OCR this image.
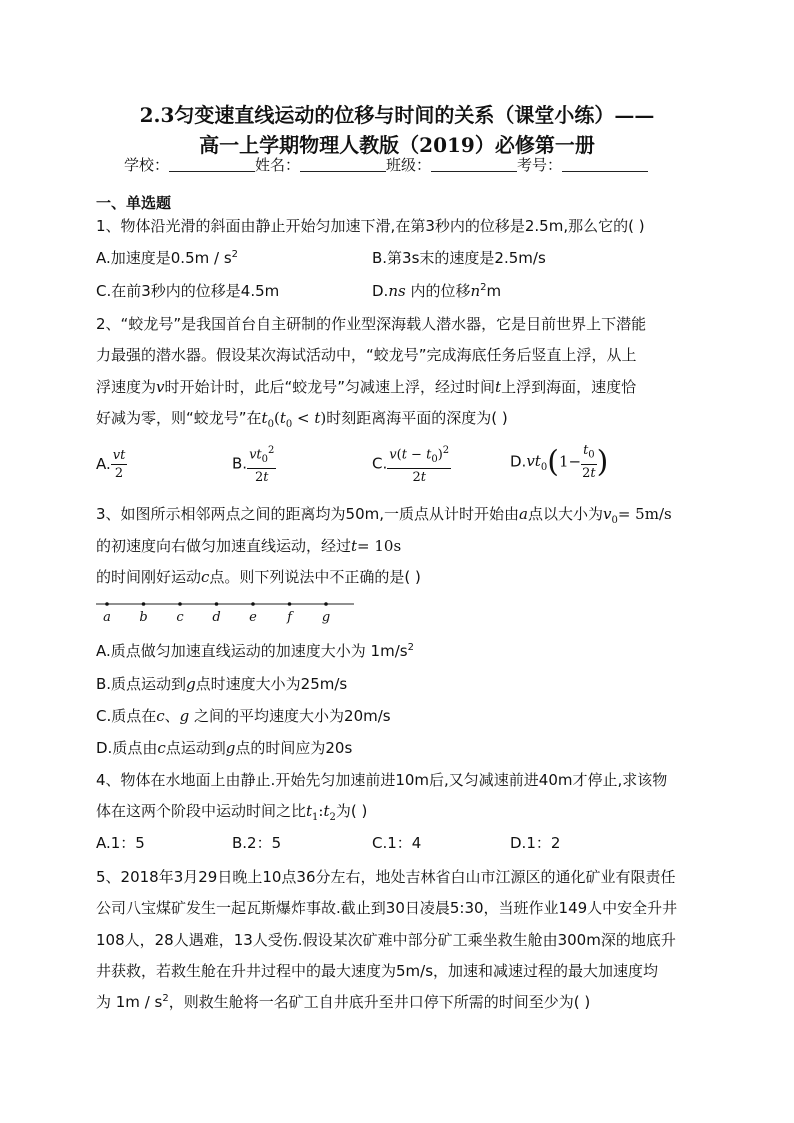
2.3匀变速直线运动的位移与时间的关系（课堂小练）——
高一上学期物理人教版（2019）必修第一册
学校：	姓名：	班级：	考号：
一、单选题
1、物体沿光滑的斜面由静止开始匀加速下滑,在第3秒内的位移是2.5m,那么它的( )
A.加速度是$0.5m / s^2$	B.第3s末的速度是2.5m/s
C.在前3秒内的位移是4.5m	D.ns 内的位移$n^2m$
2、“蛟龙号”是我国首台自主研制的作业型深海载人潜水器，它是目前世界上下潜能
力最强的潜水器。假设某次海试活动中，“蛟龙号”完成海底任务后竖直上浮，从上
浮速度为v时开始计时，此后“蛟龙号”匀减速上浮，经过时间t上浮到海面，速度恰
好减为零，则“蛟龙号”在$t_0(t_0 < t)$时刻距离海平面的深度为( )
A. $\frac{vt}{2}$	B. $\frac{vt_0^2}{2t}$	C. $\frac{v(t - t_0)^2}{2t}$	$D.vt_0(1- \frac{t_0}{2t}$ )
3、如图所示相邻两点之间的距离均为50m,一质点从计时开始由a点以大小为$v_0= 5m/s$
的初速度向右做匀加速直线运动，经过t= 10s
的时间刚好运动c点。则下列说法中不正确的是( )
a b c d e f g
A.质点做匀加速直线运动的加速度大小为 $1m/s^2$
B.质点运动到g点时速度大小为25m/s
C.质点在c、g 之间的平均速度大小为20m/s
D.质点由c点运动到g点的时间应为20s
4、物体在水地面上由静止.开始先匀加速前进10m后,又匀减速前进40m才停止,求该物
体在这两个阶段中运动时间之比$t_1:t_2$为( )
A.1：5	B.2：5	C.1：4	D.1：2
5、2018年3月29日晚上10点36分左右，地处吉林省白山市江源区的通化矿业有限责任
公司八宝煤矿发生一起瓦斯爆炸事故.截止到30日凌晨5:30，当班作业149人中安全升井
108人，28人遇难，13人受伤.假设某次矿难中部分矿工乘坐救生舱由300m深的地底升
井获救，若救生舱在升井过程中的最大速度为5m/s，加速和减速过程的最大加速度均
为 $1m / s^2$，则救生舱将一名矿工自井底升至井口停下所需的时间至少为( )
